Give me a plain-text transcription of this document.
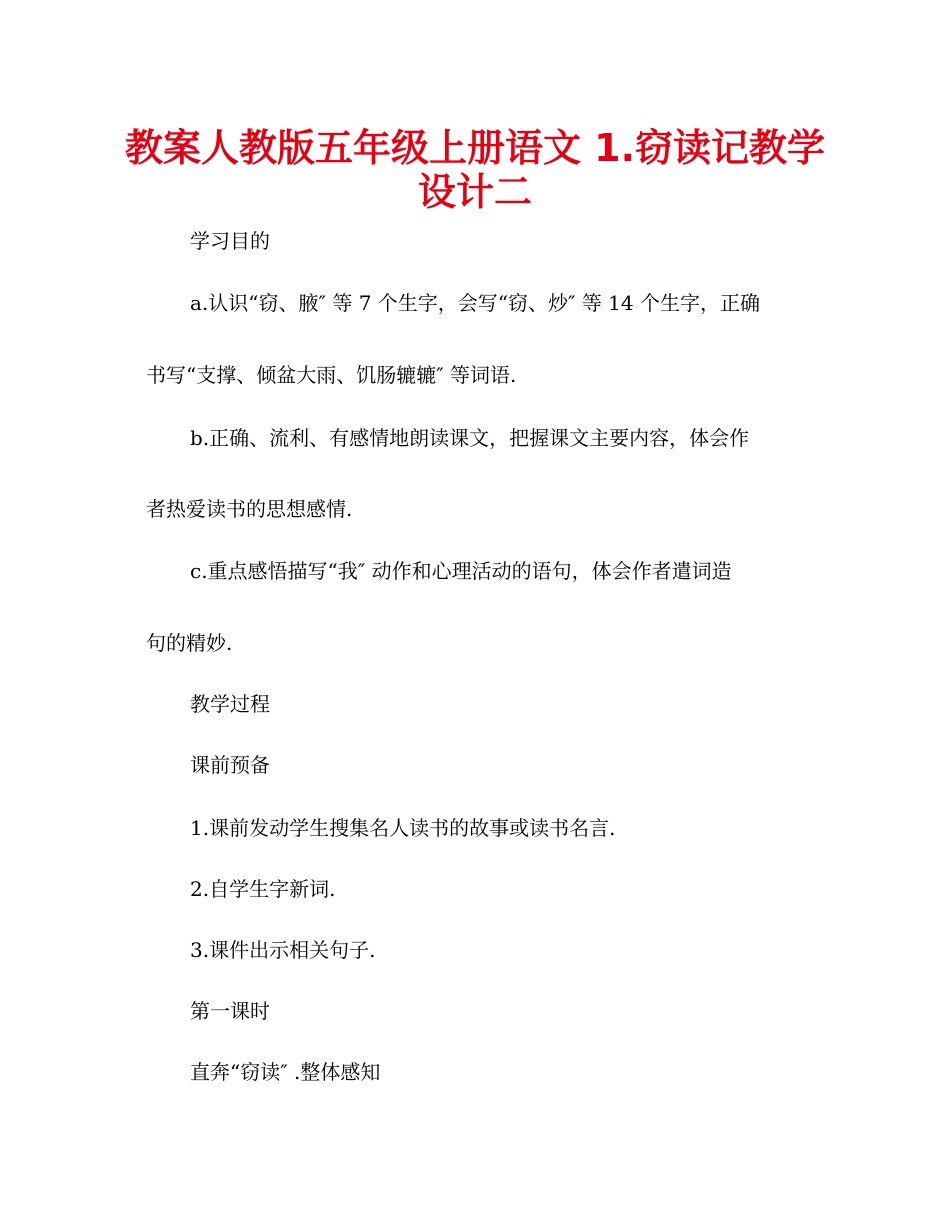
教案人教版五年级上册语文 1.窃读记教学
设计二

学习目的

a.认识“窃、腋″ 等 7 个生字，会写“窃、炒″ 等 14 个生字，正确

书写“支撑、倾盆大雨、饥肠辘辘″ 等词语.

b.正确、流利、有感情地朗读课文，把握课文主要内容，体会作

者热爱读书的思想感情.

c.重点感悟描写“我″ 动作和心理活动的语句，体会作者遣词造

句的精妙.

教学过程

课前预备

1.课前发动学生搜集名人读书的故事或读书名言.

2.自学生字新词.

3.课件出示相关句子.

第一课时

直奔“窃读″ .整体感知
